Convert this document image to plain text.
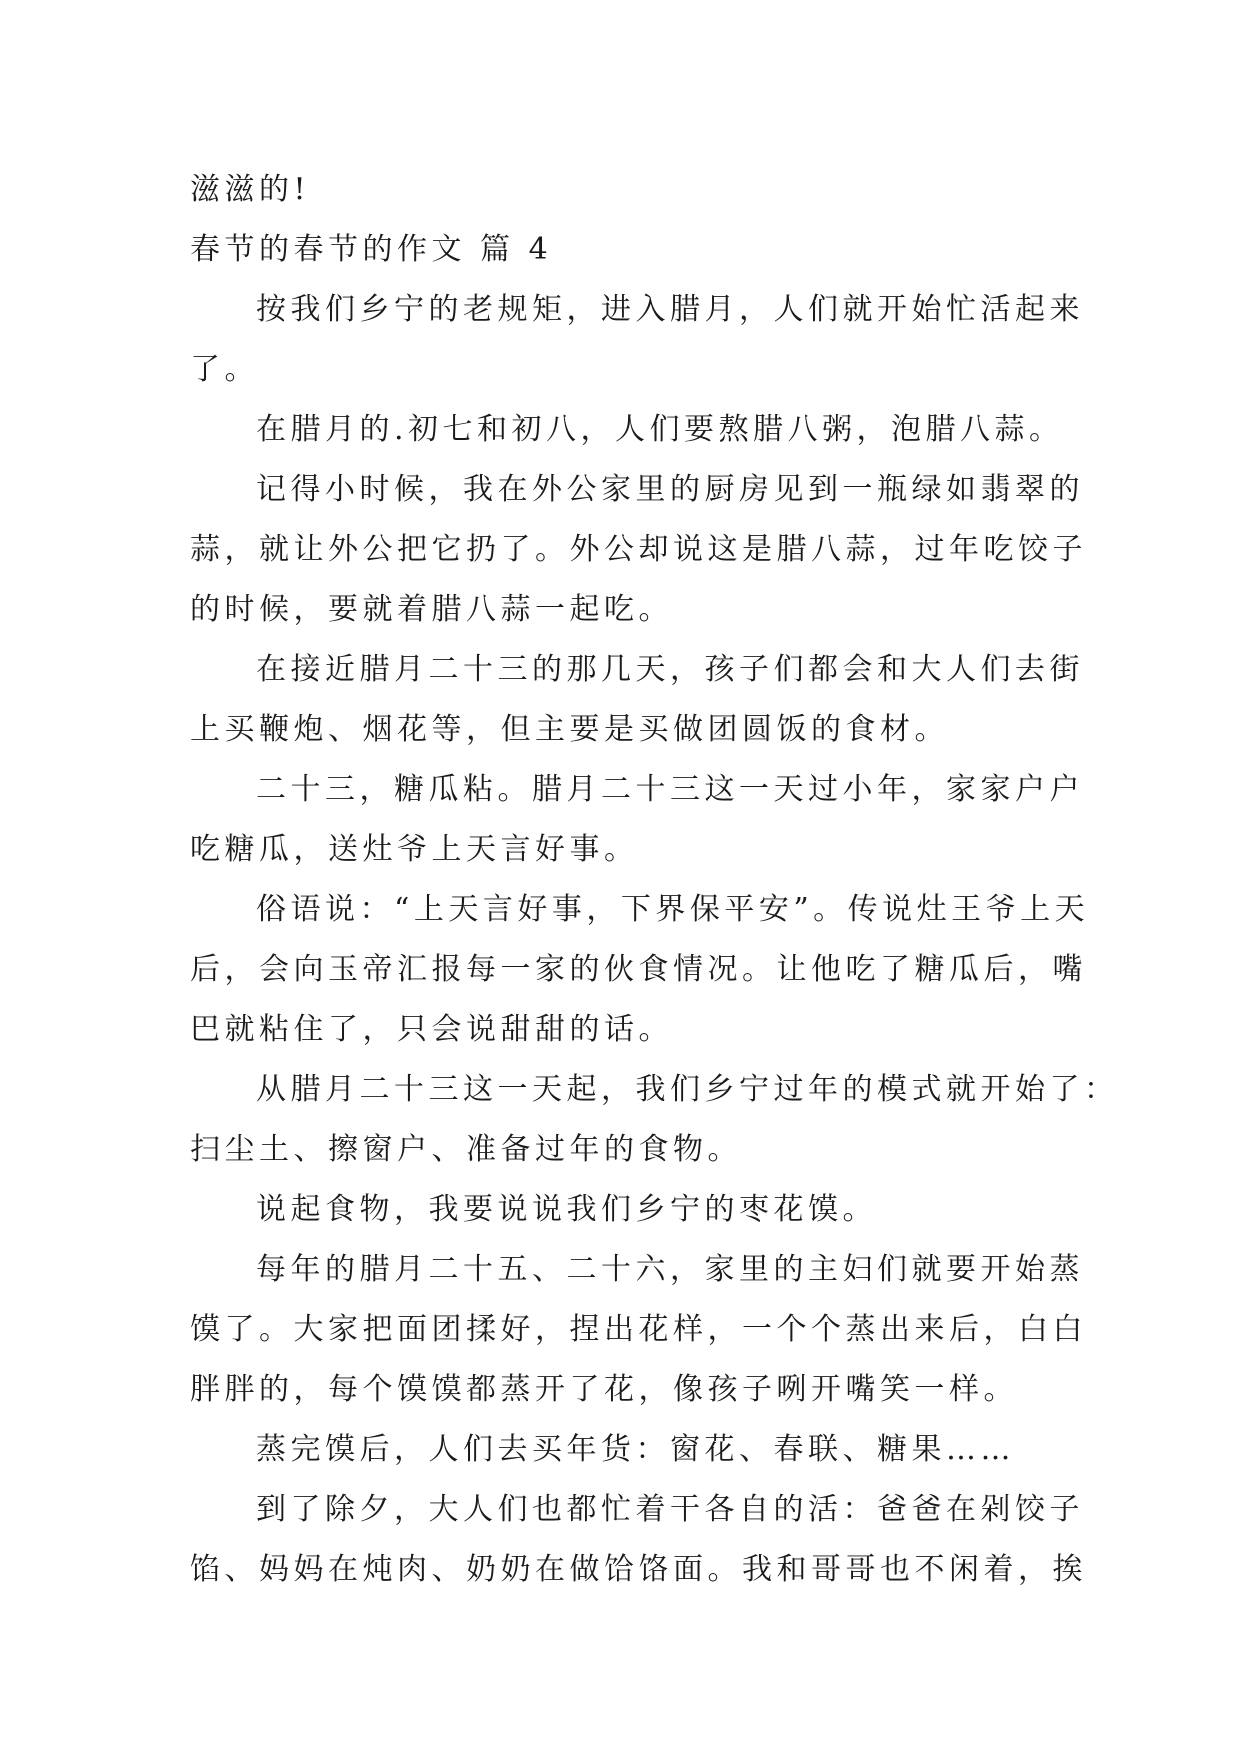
滋滋的!
春节的春节的作文 篇 4
按我们乡宁的老规矩，进入腊月，人们就开始忙活起来
了。
在腊月的.初七和初八，人们要熬腊八粥，泡腊八蒜。
记得小时候，我在外公家里的厨房见到一瓶绿如翡翠的
蒜，就让外公把它扔了。外公却说这是腊八蒜，过年吃饺子
的时候，要就着腊八蒜一起吃。
在接近腊月二十三的那几天，孩子们都会和大人们去街
上买鞭炮、烟花等，但主要是买做团圆饭的食材。
二十三，糖瓜粘。腊月二十三这一天过小年，家家户户
吃糖瓜，送灶爷上天言好事。
俗语说：“上天言好事，下界保平安”。传说灶王爷上天
后，会向玉帝汇报每一家的伙食情况。让他吃了糖瓜后，嘴
巴就粘住了，只会说甜甜的话。
从腊月二十三这一天起，我们乡宁过年的模式就开始了：
扫尘土、擦窗户、准备过年的食物。
说起食物，我要说说我们乡宁的枣花馍。
每年的腊月二十五、二十六，家里的主妇们就要开始蒸
馍了。大家把面团揉好，捏出花样，一个个蒸出来后，白白
胖胖的，每个馍馍都蒸开了花，像孩子咧开嘴笑一样。
蒸完馍后，人们去买年货：窗花、春联、糖果……
到了除夕，大人们也都忙着干各自的活：爸爸在剁饺子
馅、妈妈在炖肉、奶奶在做饸饹面。我和哥哥也不闲着，挨
